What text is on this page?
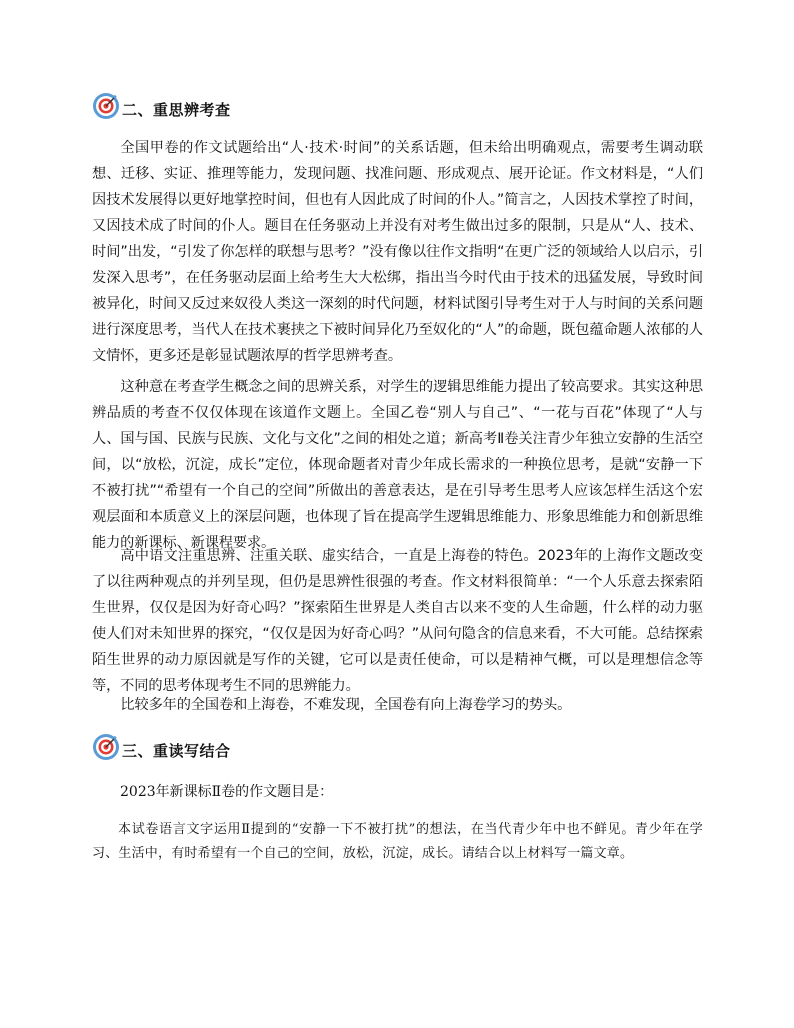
二、重思辨考查

全国甲卷的作文试题给出“人·技术·时间”的关系话题，但未给出明确观点，需要考生调动联想、迁移、实证、推理等能力，发现问题、找准问题、形成观点、展开论证。作文材料是，“人们因技术发展得以更好地掌控时间，但也有人因此成了时间的仆人。”简言之，人因技术掌控了时间，又因技术成了时间的仆人。题目在任务驱动上并没有对考生做出过多的限制，只是从“人、技术、时间”出发，“引发了你怎样的联想与思考？”没有像以往作文指明“在更广泛的领域给人以启示，引发深入思考”，在任务驱动层面上给考生大大松绑，指出当今时代由于技术的迅猛发展，导致时间被异化，时间又反过来奴役人类这一深刻的时代问题，材料试图引导考生对于人与时间的关系问题进行深度思考，当代人在技术裹挟之下被时间异化乃至奴化的“人”的命题，既包蕴命题人浓郁的人文情怀，更多还是彰显试题浓厚的哲学思辨考查。

这种意在考查学生概念之间的思辨关系，对学生的逻辑思维能力提出了较高要求。其实这种思辨品质的考查不仅仅体现在该道作文题上。全国乙卷“别人与自己”、“一花与百花”体现了“人与人、国与国、民族与民族、文化与文化”之间的相处之道；新高考Ⅱ卷关注青少年独立安静的生活空间，以“放松，沉淀，成长”定位，体现命题者对青少年成长需求的一种换位思考，是就“安静一下不被打扰”“希望有一个自己的空间”所做出的善意表达，是在引导考生思考人应该怎样生活这个宏观层面和本质意义上的深层问题，也体现了旨在提高学生逻辑思维能力、形象思维能力和创新思维能力的新课标、新课程要求。

高中语文注重思辨、注重关联、虚实结合，一直是上海卷的特色。2023年的上海作文题改变了以往两种观点的并列呈现，但仍是思辨性很强的考查。作文材料很简单：“一个人乐意去探索陌生世界，仅仅是因为好奇心吗？”探索陌生世界是人类自古以来不变的人生命题，什么样的动力驱使人们对未知世界的探究，“仅仅是因为好奇心吗？”从问句隐含的信息来看，不大可能。总结探索陌生世界的动力原因就是写作的关键，它可以是责任使命，可以是精神气概，可以是理想信念等等，不同的思考体现考生不同的思辨能力。

比较多年的全国卷和上海卷，不难发现，全国卷有向上海卷学习的势头。

三、重读写结合

2023年新课标Ⅱ卷的作文题目是：

本试卷语言文字运用Ⅱ提到的“安静一下不被打扰”的想法，在当代青少年中也不鲜见。青少年在学习、生活中，有时希望有一个自己的空间，放松，沉淀，成长。请结合以上材料写一篇文章。
